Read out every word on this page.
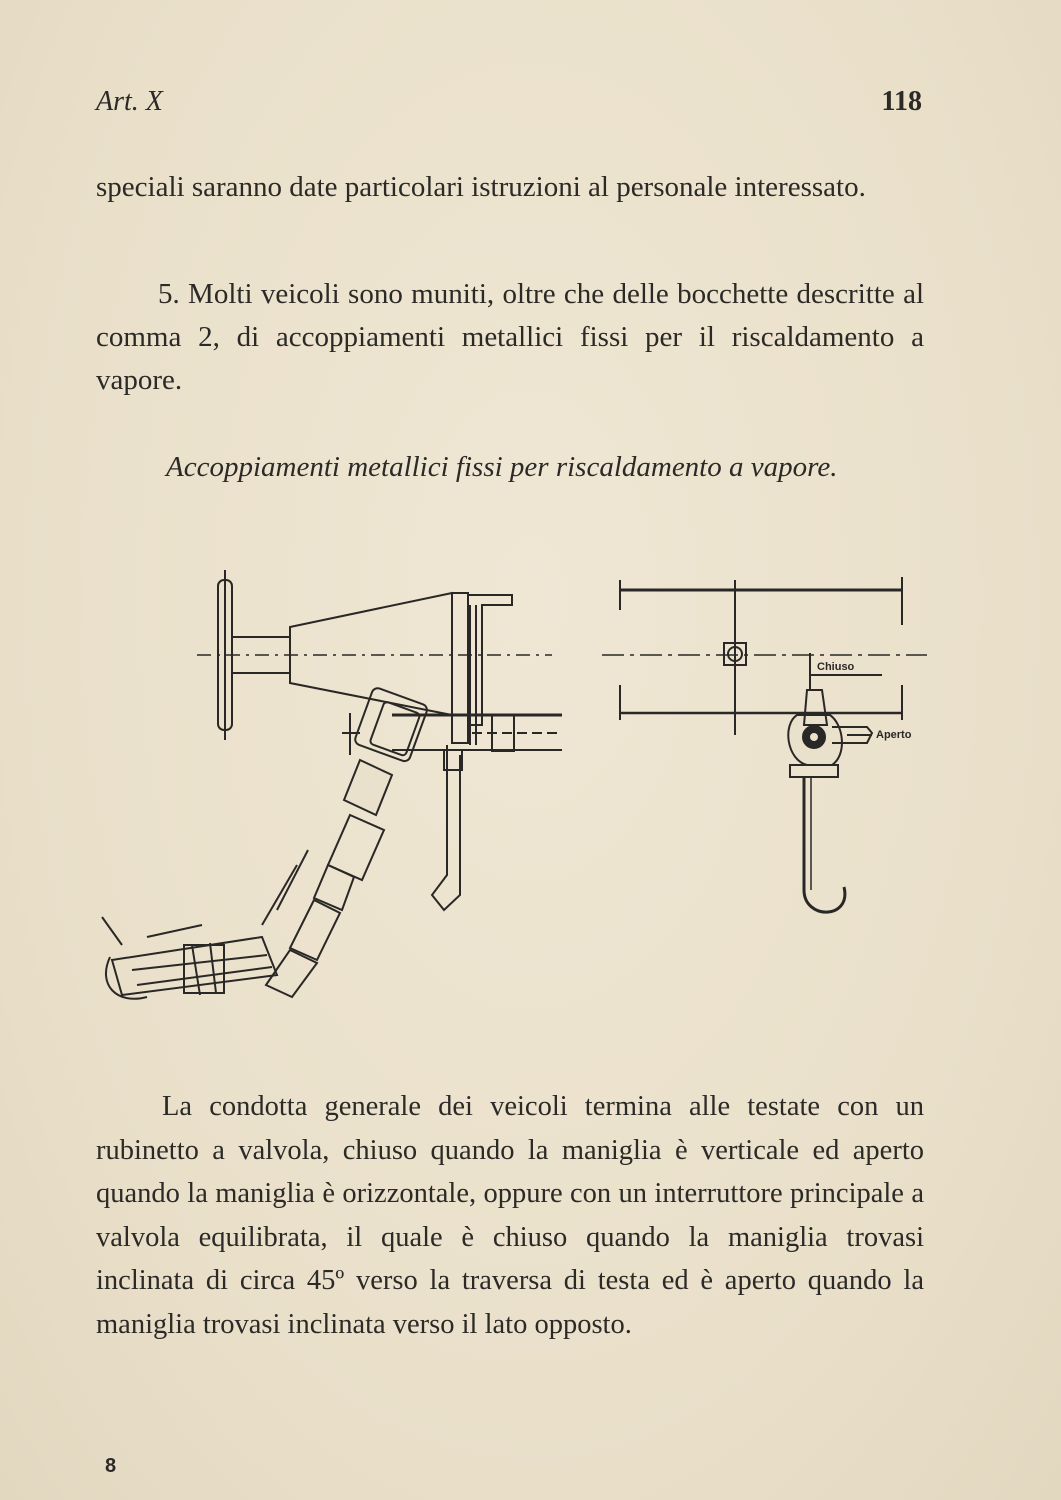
Art. X	118

speciali saranno date particolari istruzioni al personale interessato.

5. Molti veicoli sono muniti, oltre che delle bocchette descritte al comma 2, di accoppiamenti metallici fissi per il riscaldamento a vapore.

Accoppiamenti metallici fissi per riscaldamento a vapore.

Chiuso
Aperto

La condotta generale dei veicoli termina alle testate con un rubinetto a valvola, chiuso quando la maniglia è verticale ed aperto quando la maniglia è orizzontale, oppure con un interruttore principale a valvola equilibrata, il quale è chiuso quando la maniglia trovasi inclinata di circa 45º verso la traversa di testa ed è aperto quando la maniglia trovasi inclinata verso il lato opposto.

8
